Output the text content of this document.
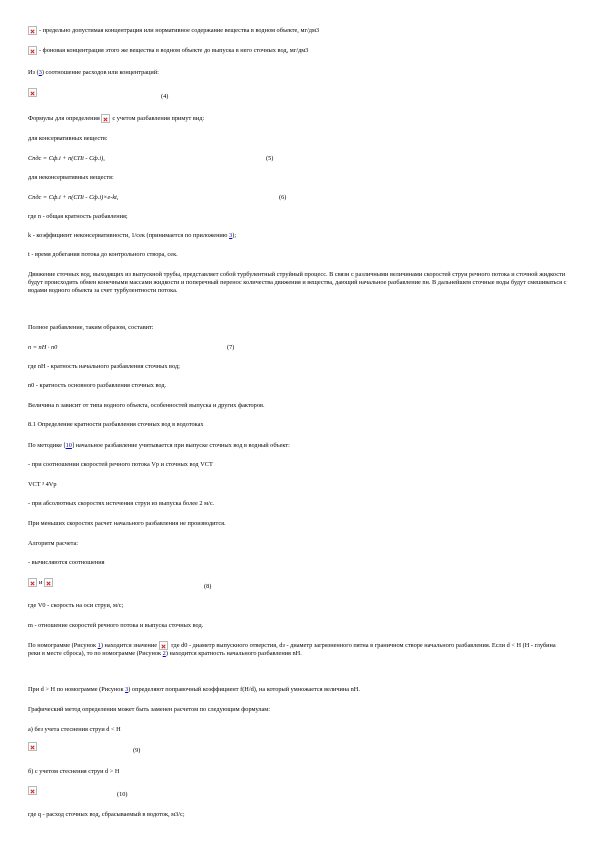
- предельно допустимая концентрация или нормативное содержание вещества в водном объекте, мг/дм3
- фоновая концентрация этого же вещества в водном объекте до выпуска в него сточных вод, мг/дм3
Из (3) соотношение расходов или концентраций:
(4)
Формулы для определения с учетом разбавления примут вид:
для консервативных веществ:
Cпдс = Cф.i + n(CПi - Cф.i),	(5)
для неконсервативных веществ:
Cпдс = Cф.i + n(CПi - Cф.i)×e-kt,	(6)
где n - общая кратность разбавления;
k - коэффициент неконсервативности, 1/сек (принимается по приложению 3);
t - время добегания потока до контрольного створа, сек.
Движение сточных вод, выходящих из выпускной трубы, представляет собой турбулентный струйный процесс. В связи с различными величинами скоростей струи речного потока и сточной жидкости будут происходить обмен конечными массами жидкости и поперечный перенос количества движения и вещества, дающий начальное разбавление nн. В дальнейшем сточные воды будут смешиваться с водами водного объекта за счет турбулентности потока.
Полное разбавление, таким образом, составит:
n = nН · n0	(7)
где nН - кратность начального разбавления сточных вод;
n0 - кратность основного разбавления сточных вод.
Величина n зависит от типа водного объекта, особенностей выпуска и других факторов.
8.1 Определение кратности разбавления сточных вод в водотоках
По методике [10] начальное разбавление учитывается при выпуске сточных вод в водный объект:
- при соотношении скоростей речного потока Vр и сточных вод VСТ
VСТ ³ 4Vр
- при абсолютных скоростях истечения струи из выпуска более 2 м/с.
При меньших скоростях расчет начального разбавления не производится.
Алгоритм расчета:
- вычисляются соотношения
и
(8)
где V0 - скорость на оси струи, м/с;
m - отношение скоростей речного потока и выпуска сточных вод.
По номограмме (Рисунок 1) находится значение где d0 - диаметр выпускного отверстия, dз - диаметр загрязненного пятна в граничном створе начального разбавления. Если d < H (H - глубина реки в месте сброса), то по номограмме (Рисунок 2) находится кратность начального разбавления nН.
При d > H по номограмме (Рисунок 3) определяют поправочный коэффициент f(H/d), на который умножается величина nН.
Графический метод определения может быть заменен расчетом по следующим формулам:
а) без учета стеснения струи d < H
(9)
б) с учетом стеснения струи d > H
(10)
где q - расход сточных вод, сбрасываемый в водоток, м3/с;
